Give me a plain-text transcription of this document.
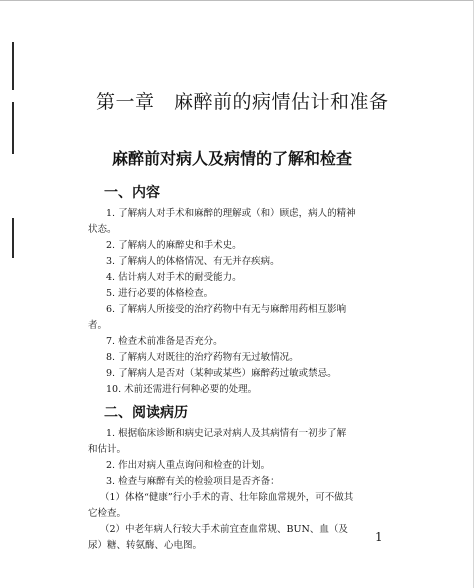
第一章　麻醉前的病情估计和准备
麻醉前对病人及病情的了解和检查
一、内容
1. 了解病人对手术和麻醉的理解或（和）顾虑，病人的精神
状态。
2. 了解病人的麻醉史和手术史。
3. 了解病人的体格情况、有无并存疾病。
4. 估计病人对手术的耐受能力。
5. 进行必要的体格检查。
6. 了解病人所接受的治疗药物中有无与麻醉用药相互影响
者。
7. 检查术前准备是否充分。
8. 了解病人对既往的治疗药物有无过敏情况。
9. 了解病人是否对（某种或某些）麻醉药过敏或禁忌。
10. 术前还需进行何种必要的处理。
二、阅读病历
1. 根据临床诊断和病史记录对病人及其病情有一初步了解
和估计。
2. 作出对病人重点询问和检查的计划。
3. 检查与麻醉有关的检验项目是否齐备：
（1）体格“健康”行小手术的青、壮年除血常规外，可不做其
它检查。
（2）中老年病人行较大手术前宜查血常规、BUN、血（及
尿）糖、转氨酶、心电图。
1
